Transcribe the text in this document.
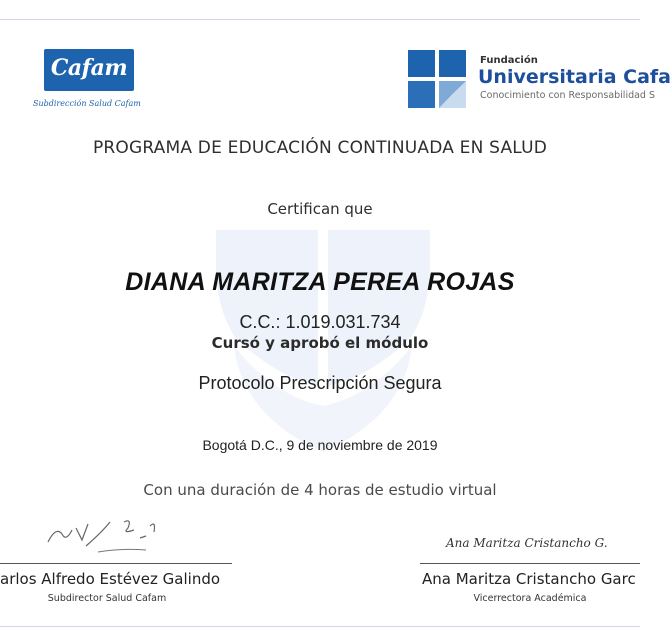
Cafam
Subdirección Salud Cafam
Fundación
Universitaria Cafa
Conocimiento con Responsabilidad S
PROGRAMA DE EDUCACIÓN CONTINUADA EN SALUD
Certifican que
DIANA MARITZA PEREA ROJAS
C.C.: 1.019.031.734
Cursó y aprobó el módulo
Protocolo Prescripción Segura
Bogotá D.C., 9 de noviembre de 2019
Con una duración de 4 horas de estudio virtual
arlos Alfredo Estévez Galindo
Subdirector Salud Cafam
Ana Maritza Cristancho G.
Ana Maritza Cristancho Garc
Vicerrectora Académica
